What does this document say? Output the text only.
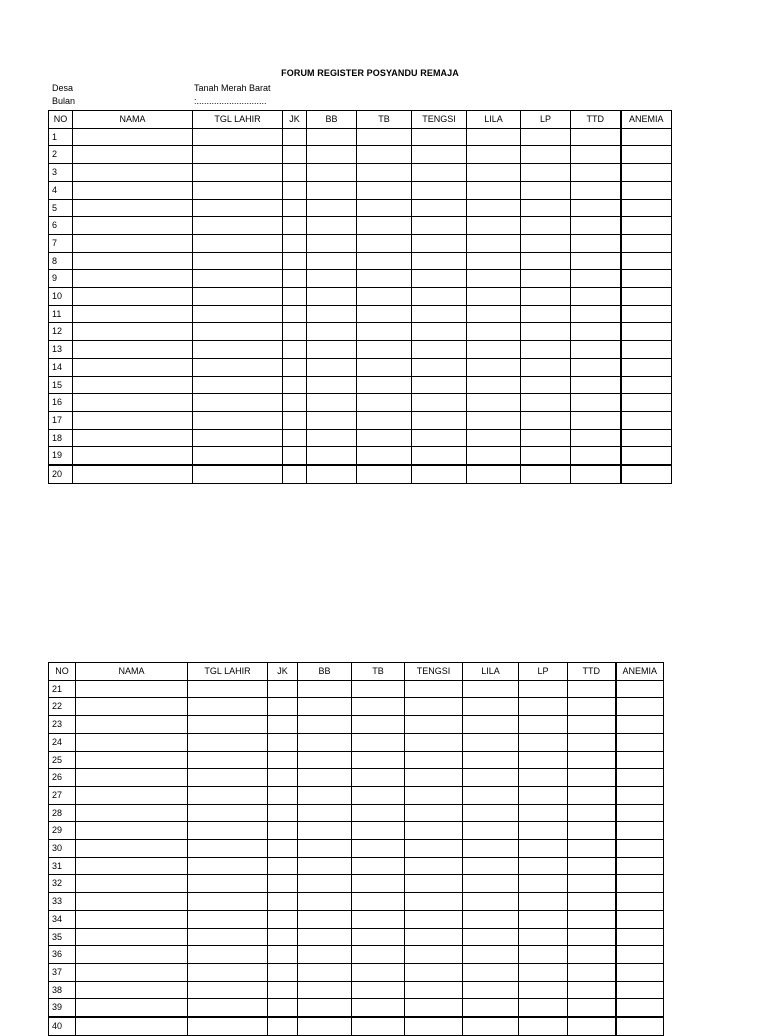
FORUM REGISTER POSYANDU REMAJA
Desa	Tanah Merah Barat
Bulan	:............................
NO	NAMA	TGL LAHIR	JK	BB	TB	TENGSI	LILA	LP	TTD	ANEMIA
1										
2										
3										
4										
5										
6										
7										
8										
9										
10										
11										
12										
13										
14										
15										
16										
17										
18										
19										
20										
NO	NAMA	TGL LAHIR	JK	BB	TB	TENGSI	LILA	LP	TTD	ANEMIA
21										
22										
23										
24										
25										
26										
27										
28										
29										
30										
31										
32										
33										
34										
35										
36										
37										
38										
39										
40										
